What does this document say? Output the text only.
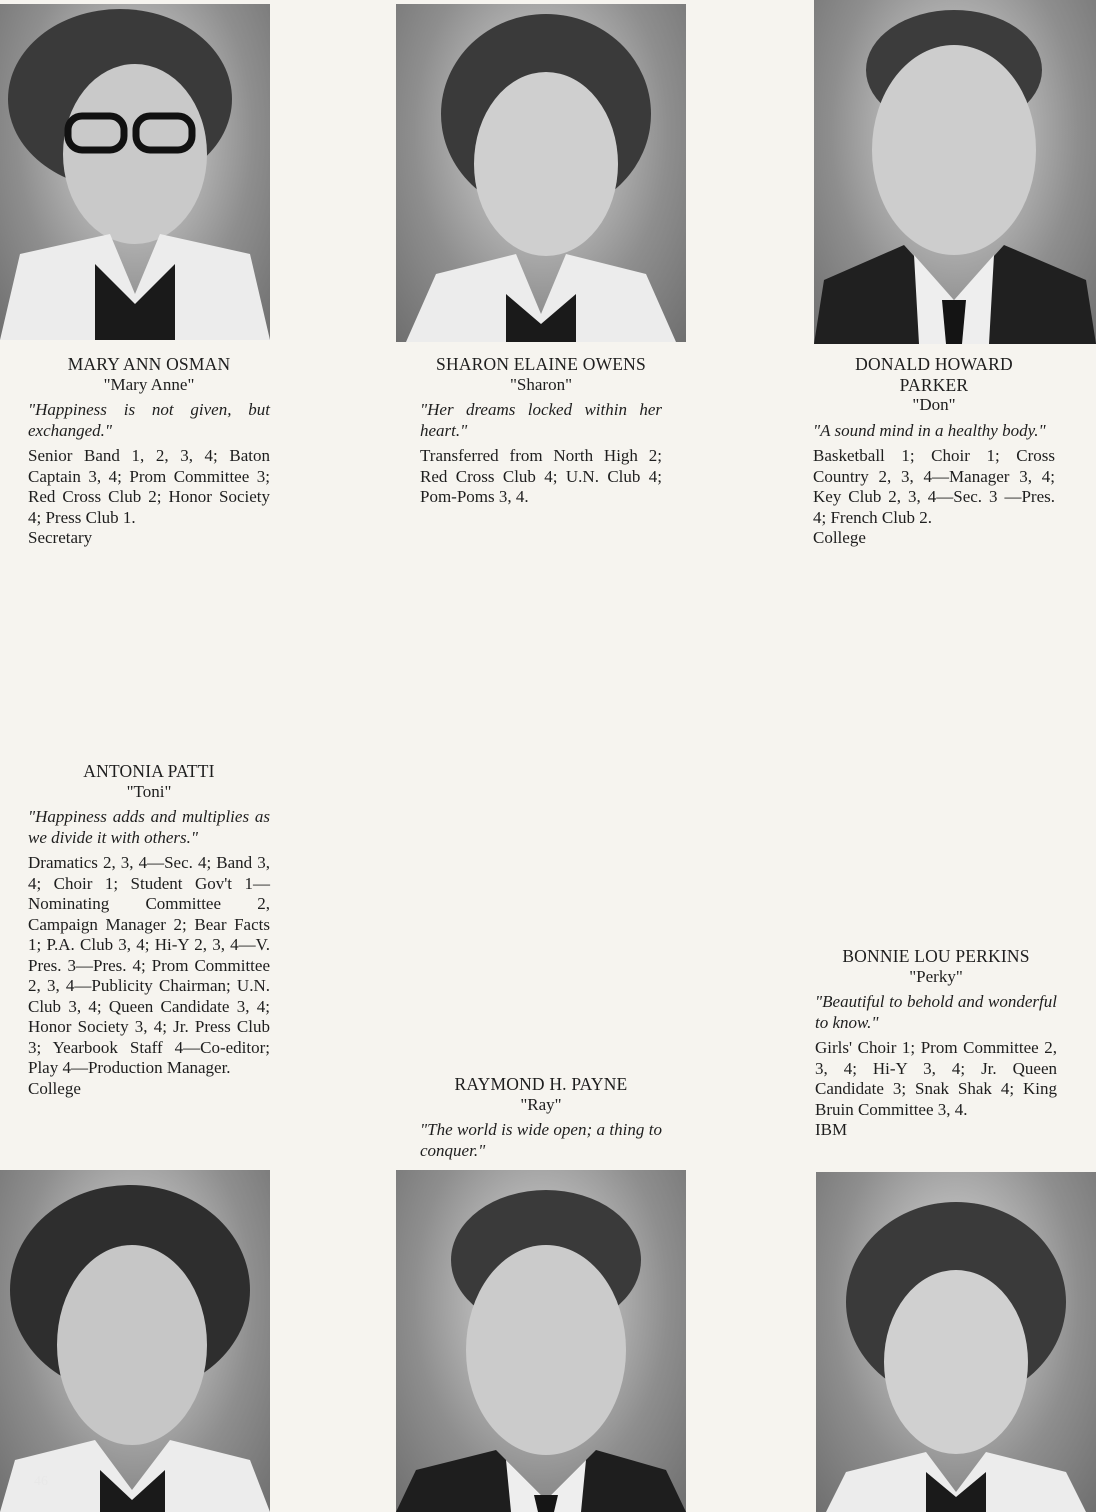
MARY ANN OSMAN
"Mary Anne"
"Happiness is not given, but exchanged."
Senior Band 1, 2, 3, 4; Baton Captain 3, 4; Prom Committee 3; Red Cross Club 2; Honor Society 4; Press Club 1.
Secretary
SHARON ELAINE OWENS
"Sharon"
"Her dreams locked within her heart."
Transferred from North High 2; Red Cross Club 4; U.N. Club 4; Pom-Poms 3, 4.
DONALD HOWARD PARKER
"Don"
"A sound mind in a healthy body."
Basketball 1; Choir 1; Cross Country 2, 3, 4—Manager 3, 4; Key Club 2, 3, 4—Sec. 3 —Pres. 4; French Club 2.
College
ANTONIA PATTI
"Toni"
"Happiness adds and multiplies as we divide it with others."
Dramatics 2, 3, 4—Sec. 4; Band 3, 4; Choir 1; Student Gov't 1—Nominating Committee 2, Campaign Manager 2; Bear Facts 1; P.A. Club 3, 4; Hi-Y 2, 3, 4—V. Pres. 3—Pres. 4; Prom Committee 2, 3, 4—Publicity Chairman; U.N. Club 3, 4; Queen Candidate 3, 4; Honor Society 3, 4; Jr. Press Club 3; Yearbook Staff 4—Co-editor; Play 4—Production Manager.
College	RAYMOND H. PAYNE
"Ray"
"The world is wide open; a thing to conquer."
BONNIE LOU PERKINS
"Perky"
"Beautiful to behold and wonderful to know."
Girls' Choir 1; Prom Committee 2, 3, 4; Hi-Y 3, 4; Jr. Queen Candidate 3; Snak Shak 4; King Bruin Committee 3, 4.
IBM
46
